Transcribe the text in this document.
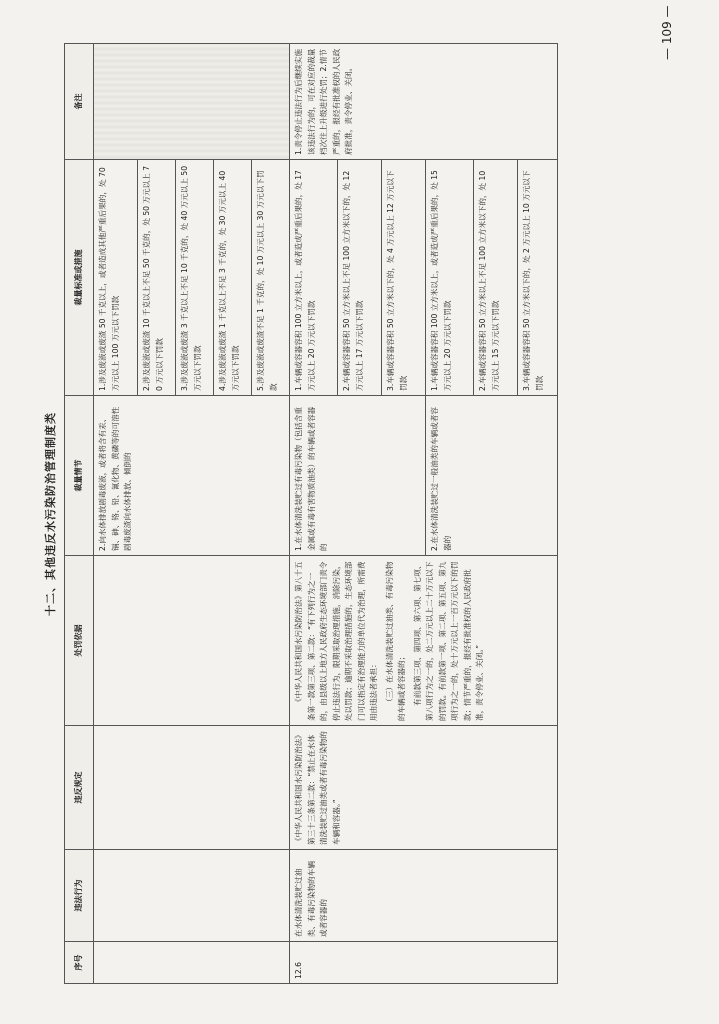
十二、其他违反水污染防治管理制度类
序号	违法行为	违反规定	处罚依据	裁量情节	裁量标准或措施	备注
				2.向水体排放剧毒废液，或者将含有汞、镉、砷、铬、铅、氰化物、黄磷等的可溶性剧毒废渣向水体排放、倾倒的	1.涉及废液或废渣 50 千克以上，或者造成其他严重后果的，处 70 万元以上 100 万元以下罚款	
					2.涉及废液或废渣 10 千克以上不足 50 千克的，处 50 万元以上 70 万元以下罚款	
					3.涉及废液或废渣 3 千克以上不足 10 千克的，处 40 万元以上 50 万元以下罚款	
					4.涉及废液或废渣 1 千克以上不足 3 千克的，处 30 万元以上 40 万元以下罚款	
					5.涉及废液或废渣不足 1 千克的，处 10 万元以上 30 万元以下罚款	
12.6	在水体清洗装贮过油类、有毒污染物的车辆或者容器的	《中华人民共和国水污染防治法》第三十三条第二款：“禁止在水体清洗装贮过油类或者有毒污染物的车辆和容器。”	《中华人民共和国水污染防治法》第八十五条第一款第三项、第二款：“有下列行为之一的，由县级以上地方人民政府生态环境部门责令停止违法行为，限期采取治理措施，消除污染，处以罚款；逾期不采取治理措施的，生态环境部门可以指定有治理能力的单位代为治理，所需费用由违法者承担： （三）在水体清洗装贮过油类、有毒污染物的车辆或者容器的； 有前款第三项、第四项、第六项、第七项、第八项行为之一的，处二万元以上二十万元以下的罚款。有前款第一项、第二项、第五项、第九项行为之一的，处十万元以上一百万元以下的罚款；情节严重的，报经有批准权的人民政府批准，责令停业、关闭。”	1.在水体清洗装贮过有毒污染物（包括含重金属或有毒有害物质油类）的车辆或者容器的	1.车辆或容器容积 100 立方米以上，或者造成严重后果的，处 17 万元以上 20 万元以下罚款	1.责令停止违法行为后继续实施该违法行为的，可在对应的裁量档次往上升级进行处罚；2.情节严重的，报经有批准权的人民政府批准，责令停业、关闭。
					2.车辆或容器容积 50 立方米以上不足 100 立方米以下的，处 12 万元以上 17 万元以下罚款	
					3.车辆或容器容积 50 立方米以下的，处 4 万元以上 12 万元以下罚款	
				2.在水体清洗装贮过一般油类的车辆或者容器的	1.车辆或容器容积 100 立方米以上，或者造成严重后果的，处 15 万元以上 20 万元以下罚款	
					2.车辆或容器容积 50 立方米以上不足 100 立方米以下的，处 10 万元以上 15 万元以下罚款	
					3.车辆或容器容积 50 立方米以下的，处 2 万元以上 10 万元以下罚款	
— 109 —
